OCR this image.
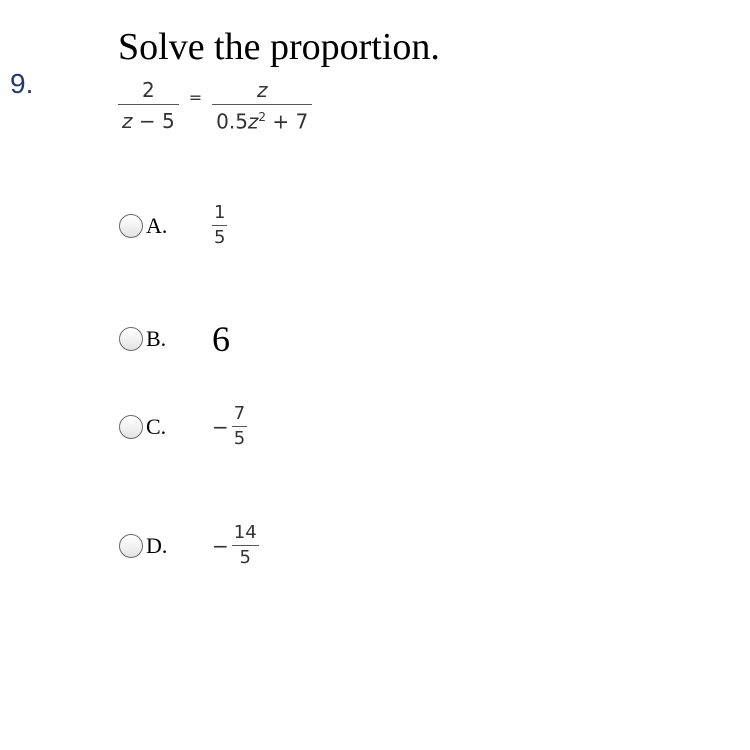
9.
Solve the proportion.
$\frac{2}{z - 5} = \frac{z}{0.5z^2 + 7}$
A.	$\frac{1}{5}$
B.	6
C.	− $\frac{7}{5}$
D.	− $\frac{14}{5}$
